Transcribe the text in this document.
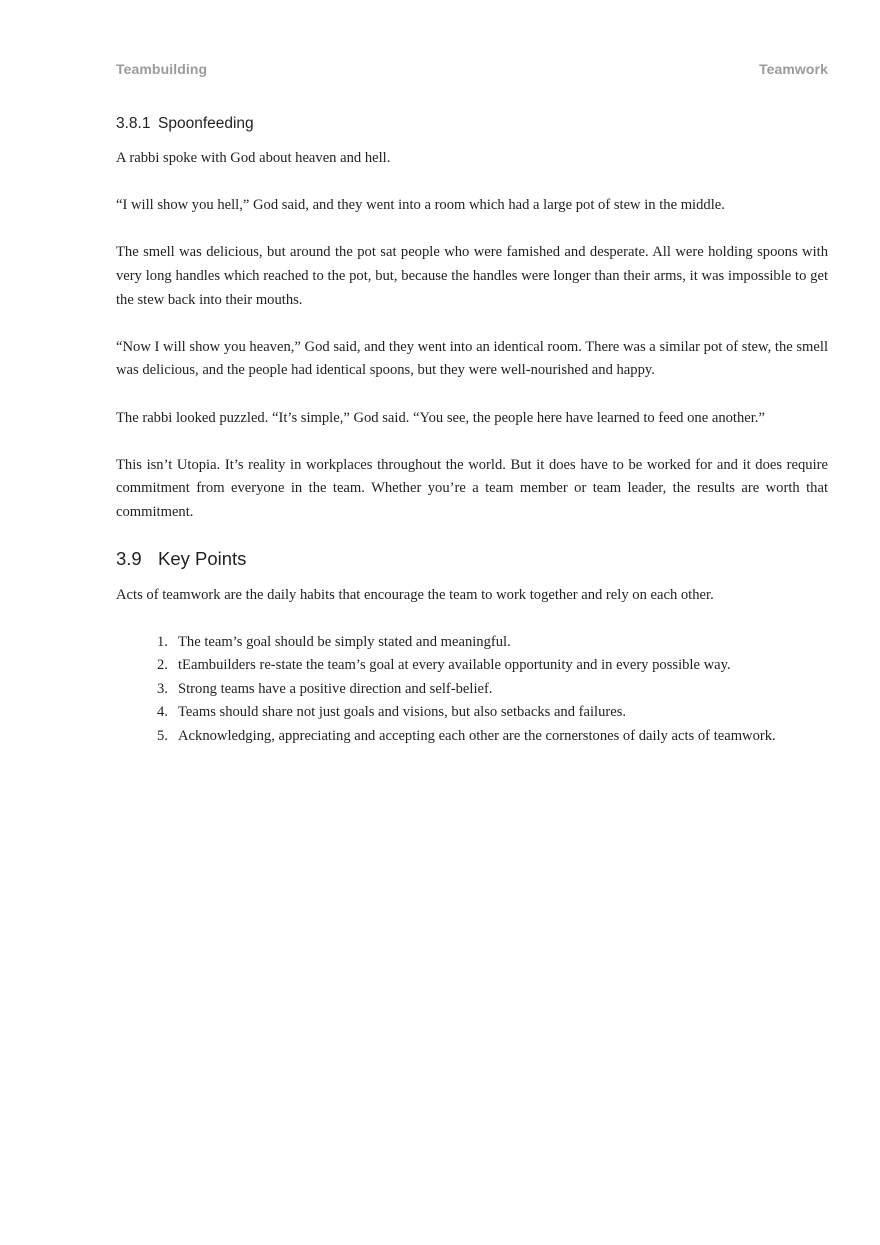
Teambuilding	Teamwork
3.8.1 Spoonfeeding

A rabbi spoke with God about heaven and hell.

“I will show you hell,” God said, and they went into a room which had a large pot of stew in the middle.

The smell was delicious, but around the pot sat people who were famished and desperate. All were holding spoons with very long handles which reached to the pot, but, because the handles were longer than their arms, it was impossible to get the stew back into their mouths.

“Now I will show you heaven,” God said, and they went into an identical room. There was a similar pot of stew, the smell was delicious, and the people had identical spoons, but they were well-nourished and happy.

The rabbi looked puzzled. “It’s simple,” God said. “You see, the people here have learned to feed one another.”

This isn’t Utopia. It’s reality in workplaces throughout the world. But it does have to be worked for and it does require commitment from everyone in the team. Whether you’re a team member or team leader, the results are worth that commitment.

3.9 Key Points

Acts of teamwork are the daily habits that encourage the team to work together and rely on each other.

1. The team’s goal should be simply stated and meaningful.
2. tEambuilders re-state the team’s goal at every available opportunity and in every possible way.
3. Strong teams have a positive direction and self-belief.
4. Teams should share not just goals and visions, but also setbacks and failures.
5. Acknowledging, appreciating and accepting each other are the cornerstones of daily acts of teamwork.
